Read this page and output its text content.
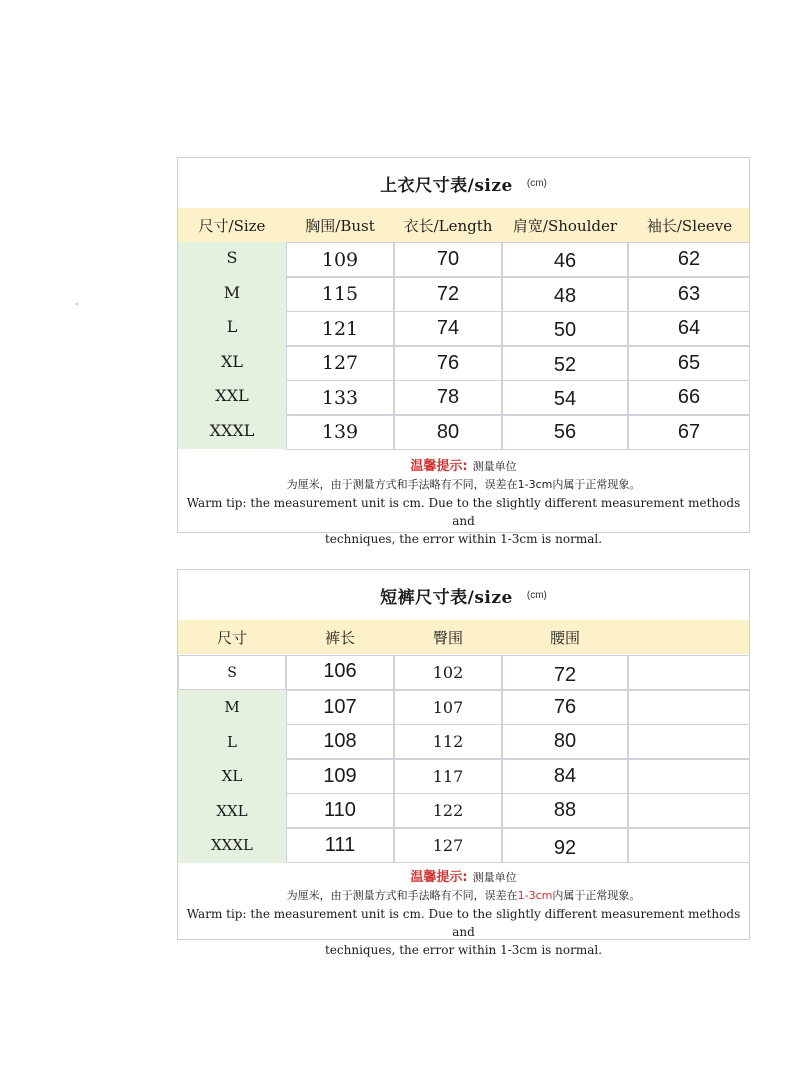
上衣尺寸表/size (cm)
尺寸/Size	胸围/Bust	衣长/Length	肩宽/Shoulder	袖长/Sleeve
S	109	70	46	62
M	115	72	48	63
L	121	74	50	64
XL	127	76	52	65
XXL	133	78	54	66
XXXL	139	80	56	67
温馨提示: 测量单位
为厘米，由于测量方式和手法略有不同，误差在1-3cm内属于正常现象。
Warm tip: the measurement unit is cm. Due to the slightly different measurement methods and
techniques, the error within 1-3cm is normal.
短裤尺寸表/size (cm)
尺寸	裤长	臀围	腰围
S	106	102	72
M	107	107	76
L	108	112	80
XL	109	117	84
XXL	110	122	88
XXXL	111	127	92
温馨提示: 测量单位
为厘米，由于测量方式和手法略有不同，误差在1-3cm内属于正常现象。
Warm tip: the measurement unit is cm. Due to the slightly different measurement methods and
techniques, the error within 1-3cm is normal.
